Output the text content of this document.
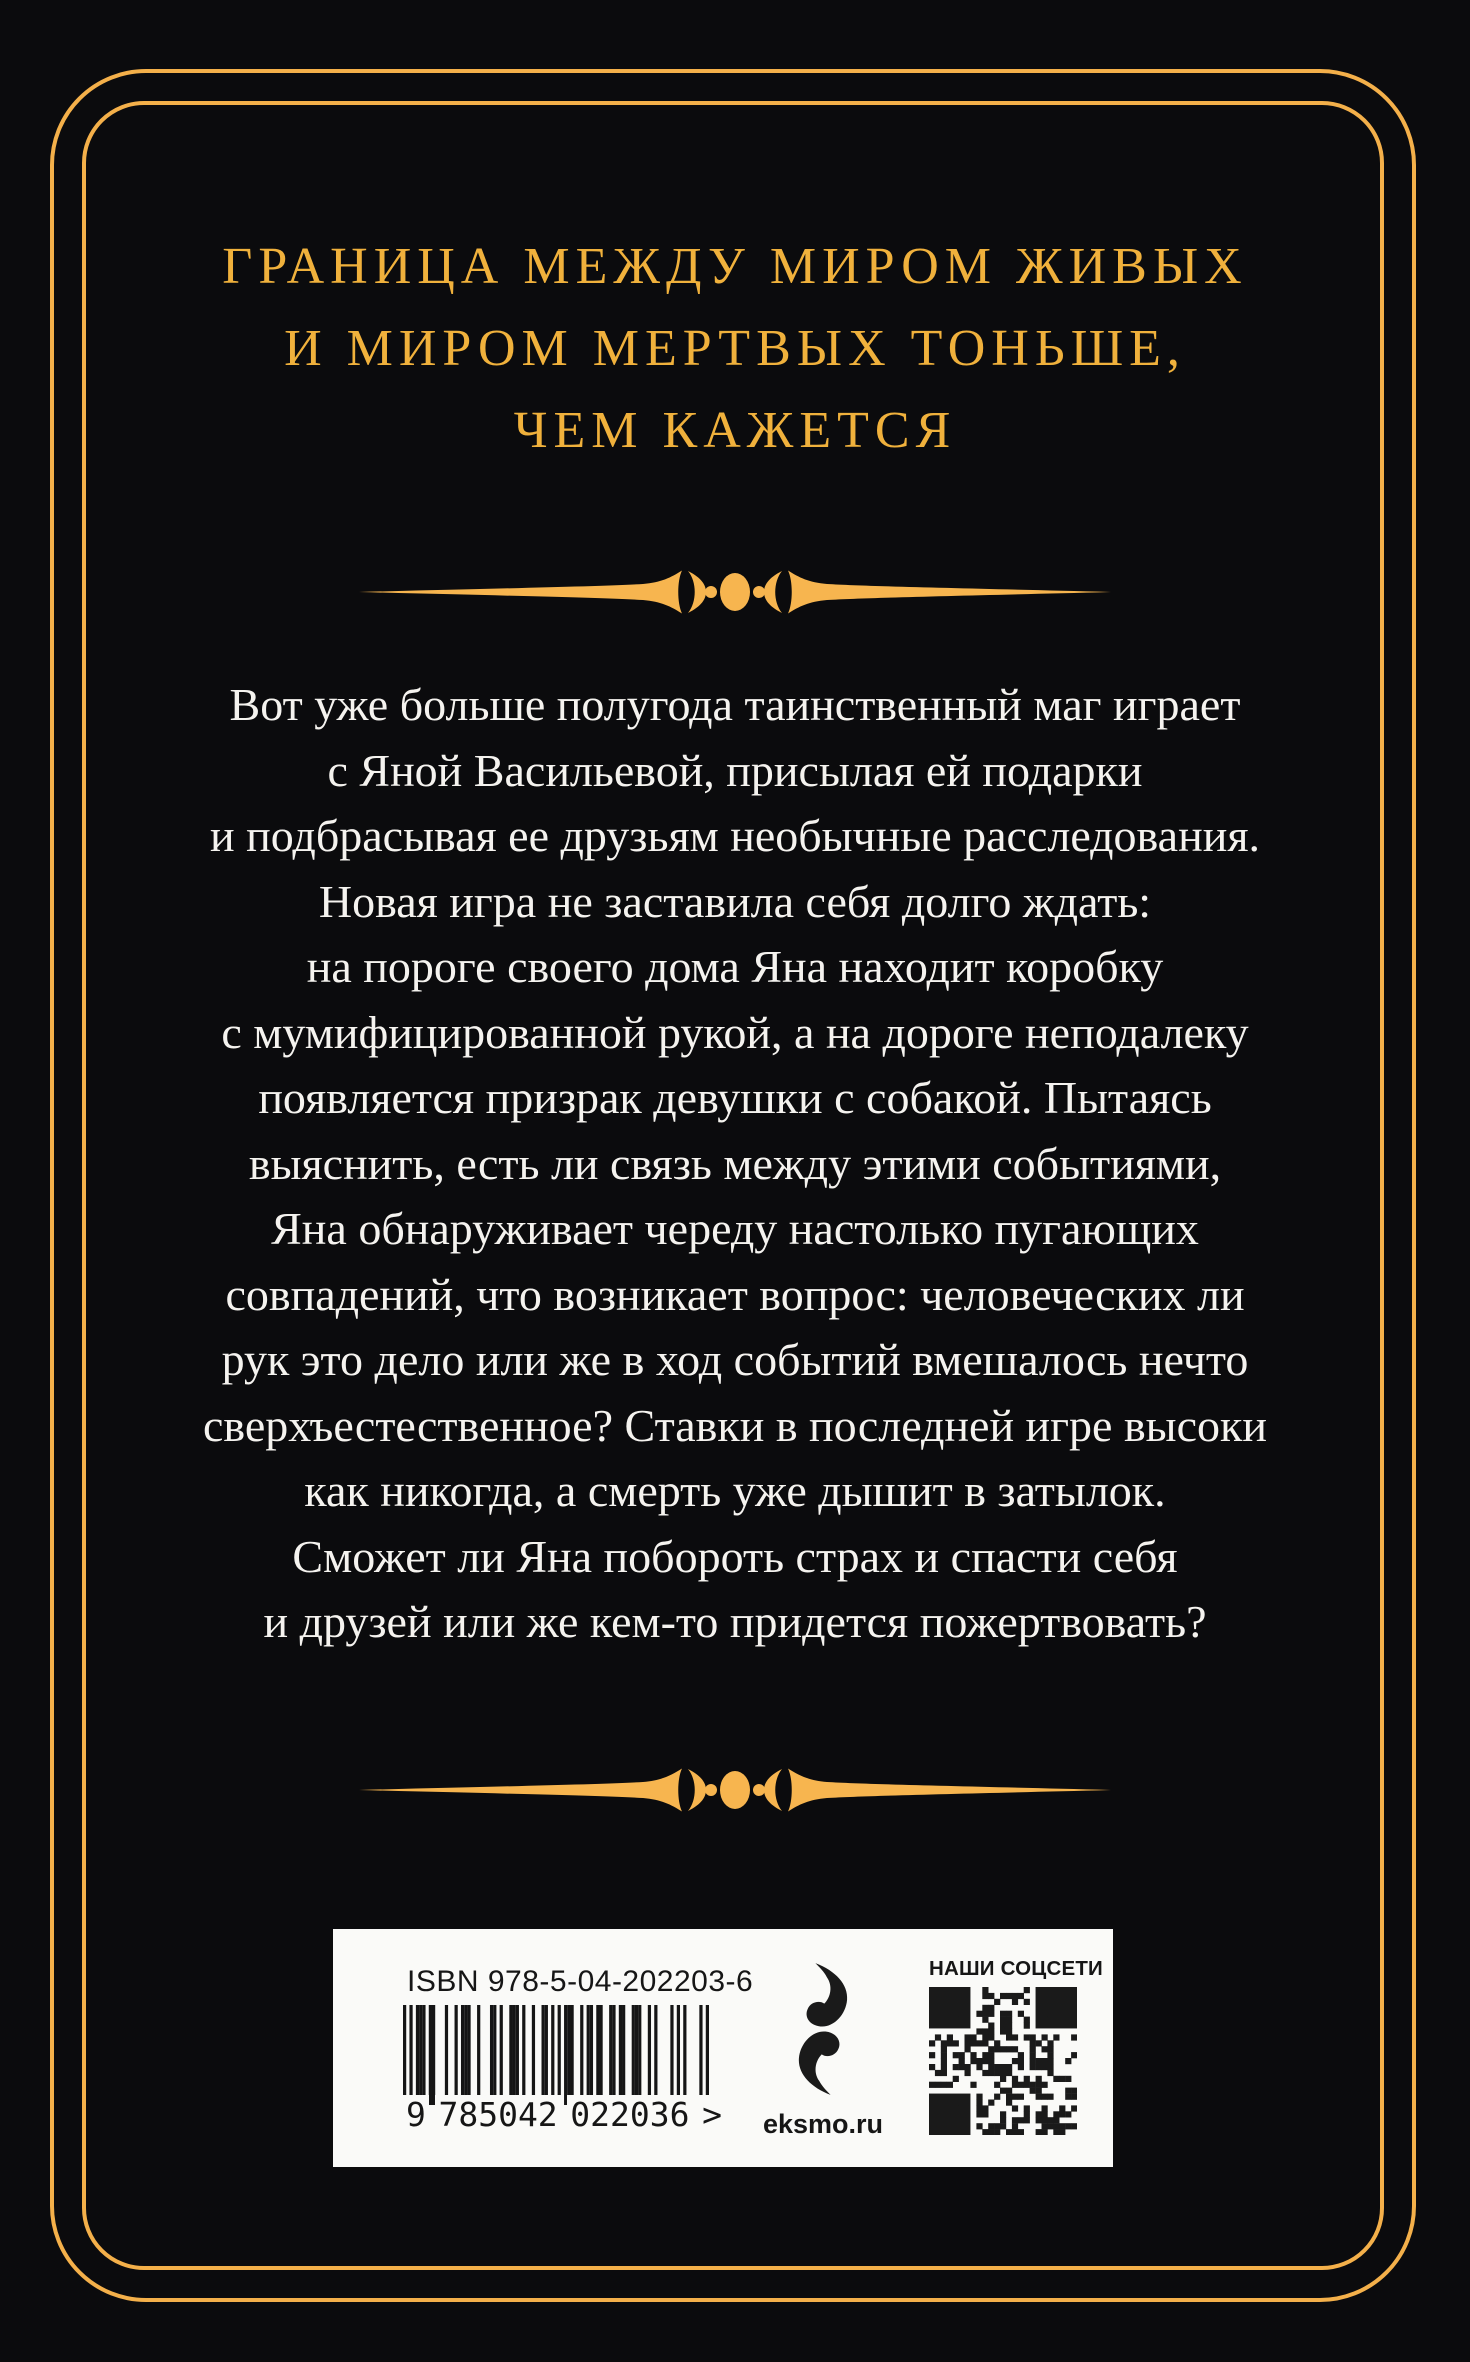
ГРАНИЦА МЕЖДУ МИРОМ ЖИВЫХ
И МИРОМ МЕРТВЫХ ТОНЬШЕ,
ЧЕМ КАЖЕТСЯ
Вот уже больше полугода таинственный маг играет
с Яной Васильевой, присылая ей подарки
и подбрасывая ее друзьям необычные расследования.
Новая игра не заставила себя долго ждать:
на пороге своего дома Яна находит коробку
с мумифицированной рукой, а на дороге неподалеку
появляется призрак девушки с собакой. Пытаясь
выяснить, есть ли связь между этими событиями,
Яна обнаруживает череду настолько пугающих
совпадений, что возникает вопрос: человеческих ли
рук это дело или же в ход событий вмешалось нечто
сверхъестественное? Ставки в последней игре высоки
как никогда, а смерть уже дышит в затылок.
Сможет ли Яна побороть страх и спасти себя
и друзей или же кем-то придется пожертвовать?
ISBN 978-5-04-202203-6
9 785042 022036 > eksmo.ru
НАШИ СОЦСЕТИ
